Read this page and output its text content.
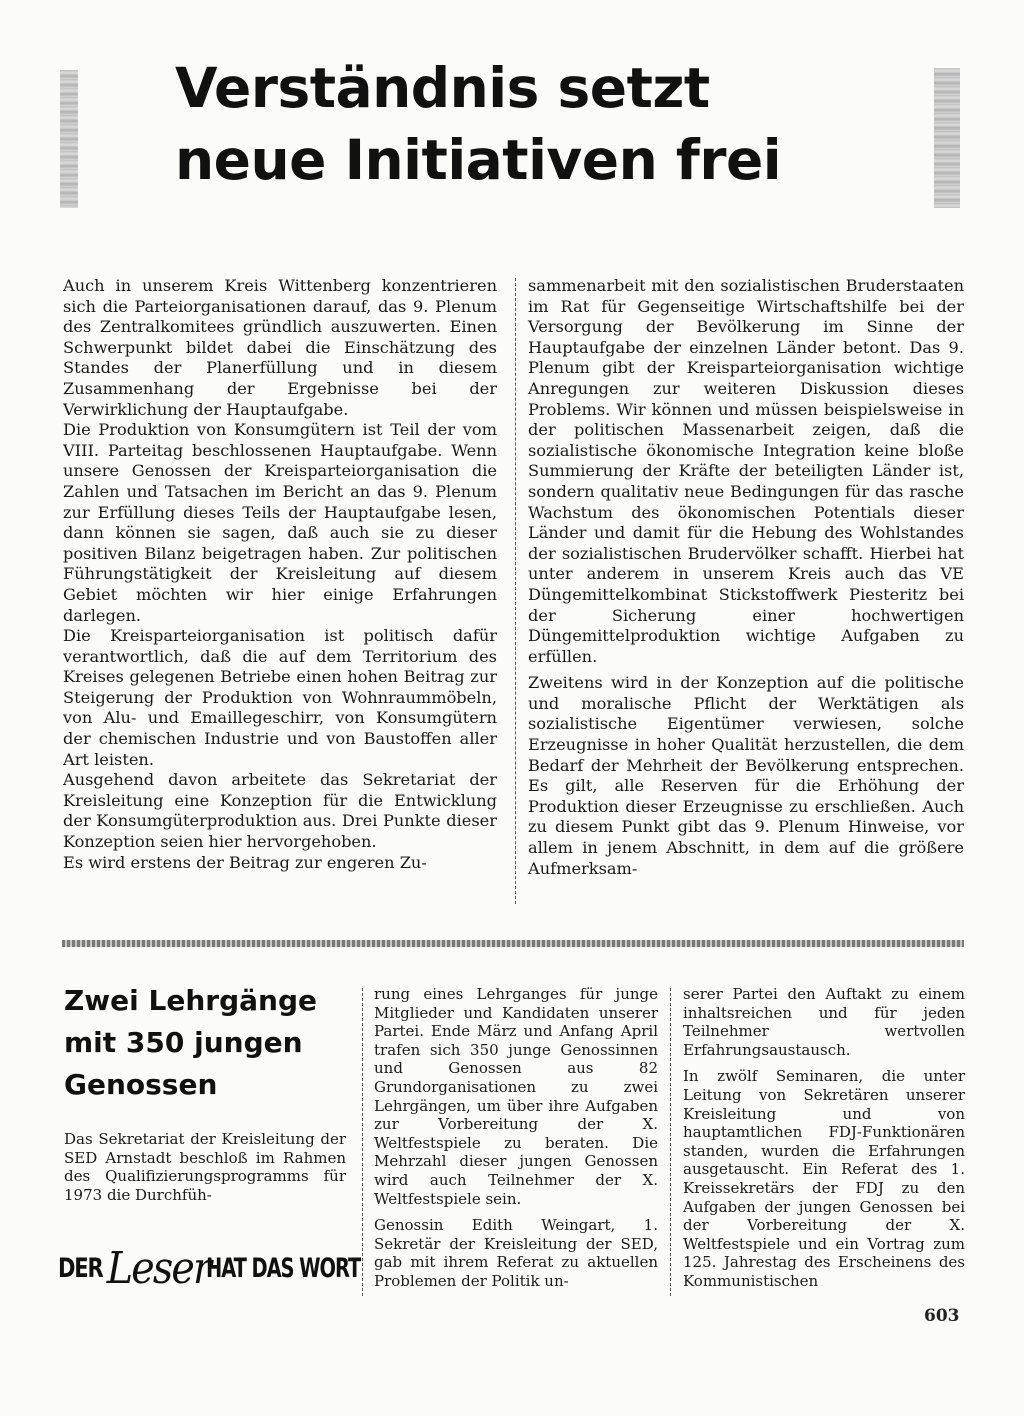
Verständnis setzt
neue Initiativen frei

Auch in unserem Kreis Wittenberg konzentrieren sich die Parteiorganisationen darauf, das 9. Plenum des Zentralkomitees gründlich auszuwerten. Einen Schwerpunkt bildet dabei die Einschätzung des Standes der Planerfüllung und in diesem Zusammenhang der Ergebnisse bei der Verwirklichung der Hauptaufgabe.

Die Produktion von Konsumgütern ist Teil der vom VIII. Parteitag beschlossenen Hauptaufgabe. Wenn unsere Genossen der Kreisparteiorganisation die Zahlen und Tatsachen im Bericht an das 9. Plenum zur Erfüllung dieses Teils der Hauptaufgabe lesen, dann können sie sagen, daß auch sie zu dieser positiven Bilanz beigetragen haben. Zur politischen Führungstätigkeit der Kreisleitung auf diesem Gebiet möchten wir hier einige Erfahrungen darlegen.

Die Kreisparteiorganisation ist politisch dafür verantwortlich, daß die auf dem Territorium des Kreises gelegenen Betriebe einen hohen Beitrag zur Steigerung der Produktion von Wohnraummöbeln, von Alu- und Emaillegeschirr, von Konsumgütern der chemischen Industrie und von Baustoffen aller Art leisten.

Ausgehend davon arbeitete das Sekretariat der Kreisleitung eine Konzeption für die Entwicklung der Konsumgüterproduktion aus. Drei Punkte dieser Konzeption seien hier hervorgehoben.

Es wird erstens der Beitrag zur engeren Zu-

sammenarbeit mit den sozialistischen Bruderstaaten im Rat für Gegenseitige Wirtschaftshilfe bei der Versorgung der Bevölkerung im Sinne der Hauptaufgabe der einzelnen Länder betont. Das 9. Plenum gibt der Kreisparteiorganisation wichtige Anregungen zur weiteren Diskussion dieses Problems. Wir können und müssen beispielsweise in der politischen Massenarbeit zeigen, daß die sozialistische ökonomische Integration keine bloße Summierung der Kräfte der beteiligten Länder ist, sondern qualitativ neue Bedingungen für das rasche Wachstum des ökonomischen Potentials dieser Länder und damit für die Hebung des Wohlstandes der sozialistischen Brudervölker schafft. Hierbei hat unter anderem in unserem Kreis auch das VE Düngemittelkombinat Stickstoffwerk Piesteritz bei der Sicherung einer hochwertigen Düngemittelproduktion wichtige Aufgaben zu erfüllen.

Zweitens wird in der Konzeption auf die politische und moralische Pflicht der Werktätigen als sozialistische Eigentümer verwiesen, solche Erzeugnisse in hoher Qualität herzustellen, die dem Bedarf der Mehrheit der Bevölkerung entsprechen. Es gilt, alle Reserven für die Erhöhung der Produktion dieser Erzeugnisse zu erschließen. Auch zu diesem Punkt gibt das 9. Plenum Hinweise, vor allem in jenem Abschnitt, in dem auf die größere Aufmerksam-

Zwei Lehrgänge
mit 350 jungen
Genossen

Das Sekretariat der Kreisleitung der SED Arnstadt beschloß im Rahmen des Qualifizierungsprogramms für 1973 die Durchfüh-

rung eines Lehrganges für junge Mitglieder und Kandidaten unserer Partei. Ende März und Anfang April trafen sich 350 junge Genossinnen und Genossen aus 82 Grundorganisationen zu zwei Lehrgängen, um über ihre Aufgaben zur Vorbereitung der X. Weltfestspiele zu beraten. Die Mehrzahl dieser jungen Genossen wird auch Teilnehmer der X. Weltfestspiele sein.

Genossin Edith Weingart, 1. Sekretär der Kreisleitung der SED, gab mit ihrem Referat zu aktuellen Problemen der Politik un-

serer Partei den Auftakt zu einem inhaltsreichen und für jeden Teilnehmer wertvollen Erfahrungsaustausch.

In zwölf Seminaren, die unter Leitung von Sekretären unserer Kreisleitung und von hauptamtlichen FDJ-Funktionären standen, wurden die Erfahrungen ausgetauscht. Ein Referat des 1. Kreissekretärs der FDJ zu den Aufgaben der jungen Genossen bei der Vorbereitung der X. Weltfestspiele und ein Vortrag zum 125. Jahrestag des Erscheinens des Kommunistischen

DER Leser
HAT DAS WORT
603
